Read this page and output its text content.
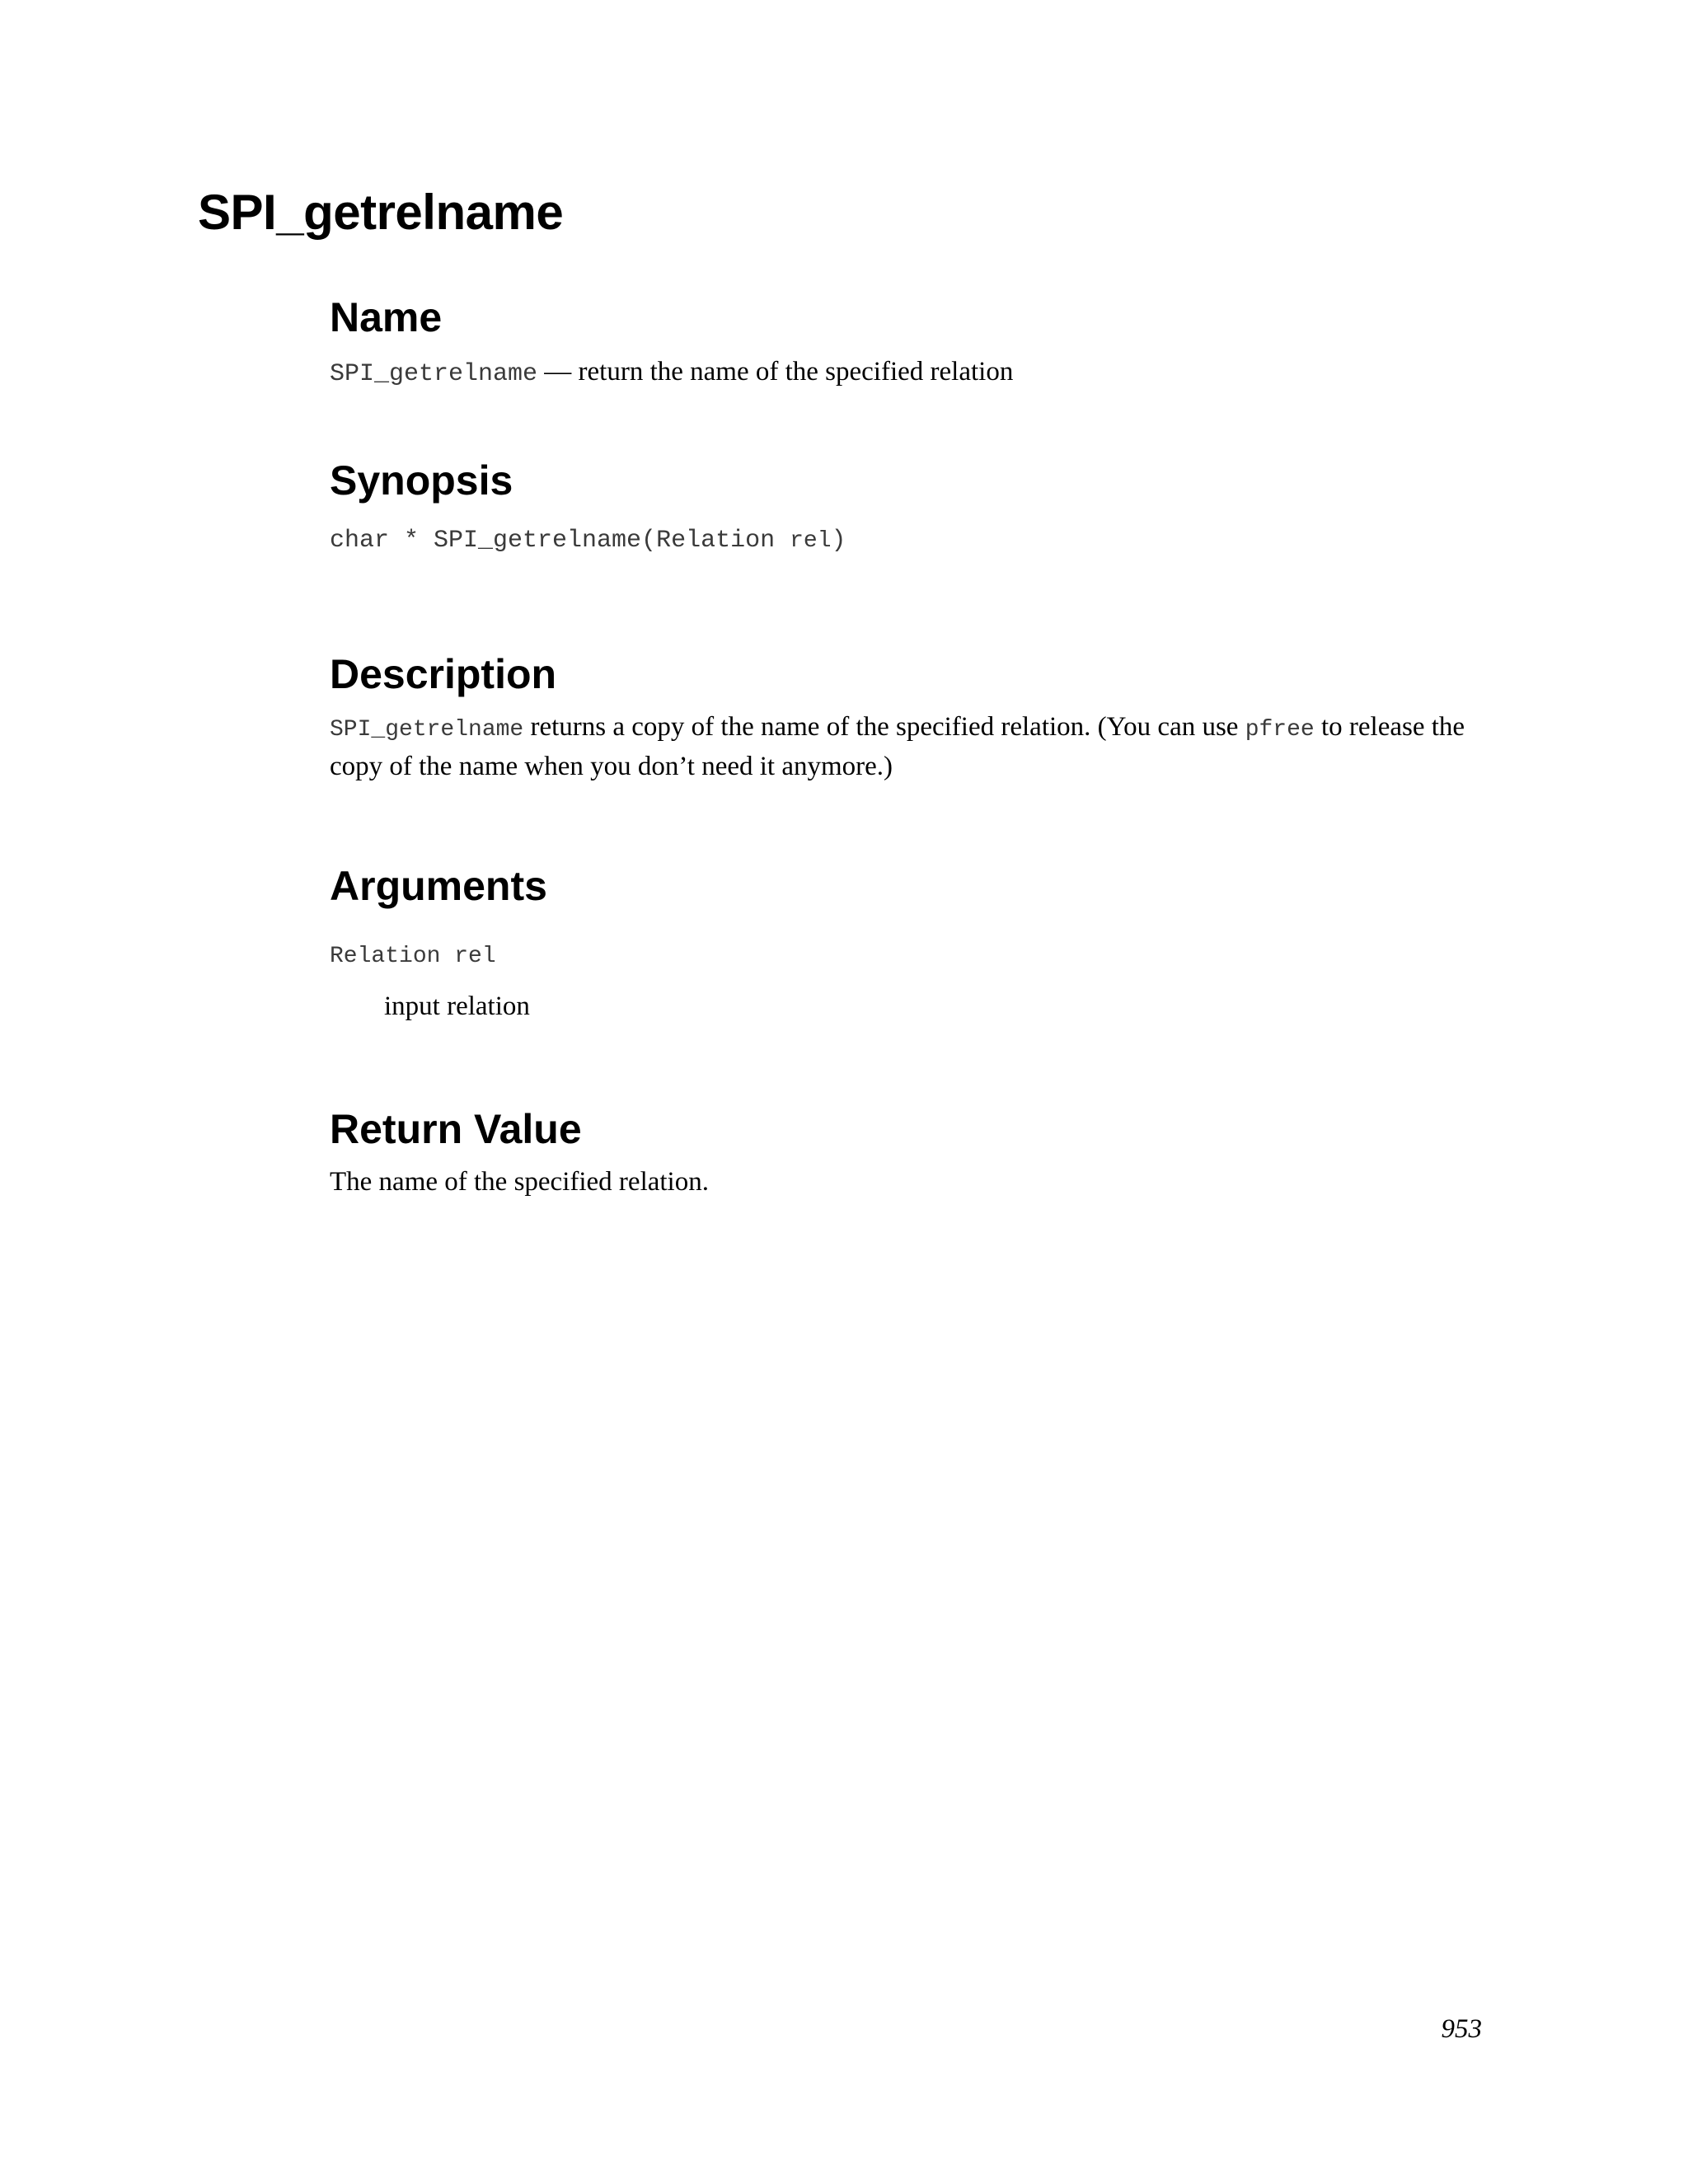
SPI_getrelname
Name

SPI_getrelname — return the name of the specified relation

Synopsis

char * SPI_getrelname(Relation rel)

Description

SPI_getrelname returns a copy of the name of the specified relation. (You can use pfree to release the copy of the name when you don’t need it anymore.)

Arguments
Relation rel
input relation
Return Value

The name of the specified relation.

953
